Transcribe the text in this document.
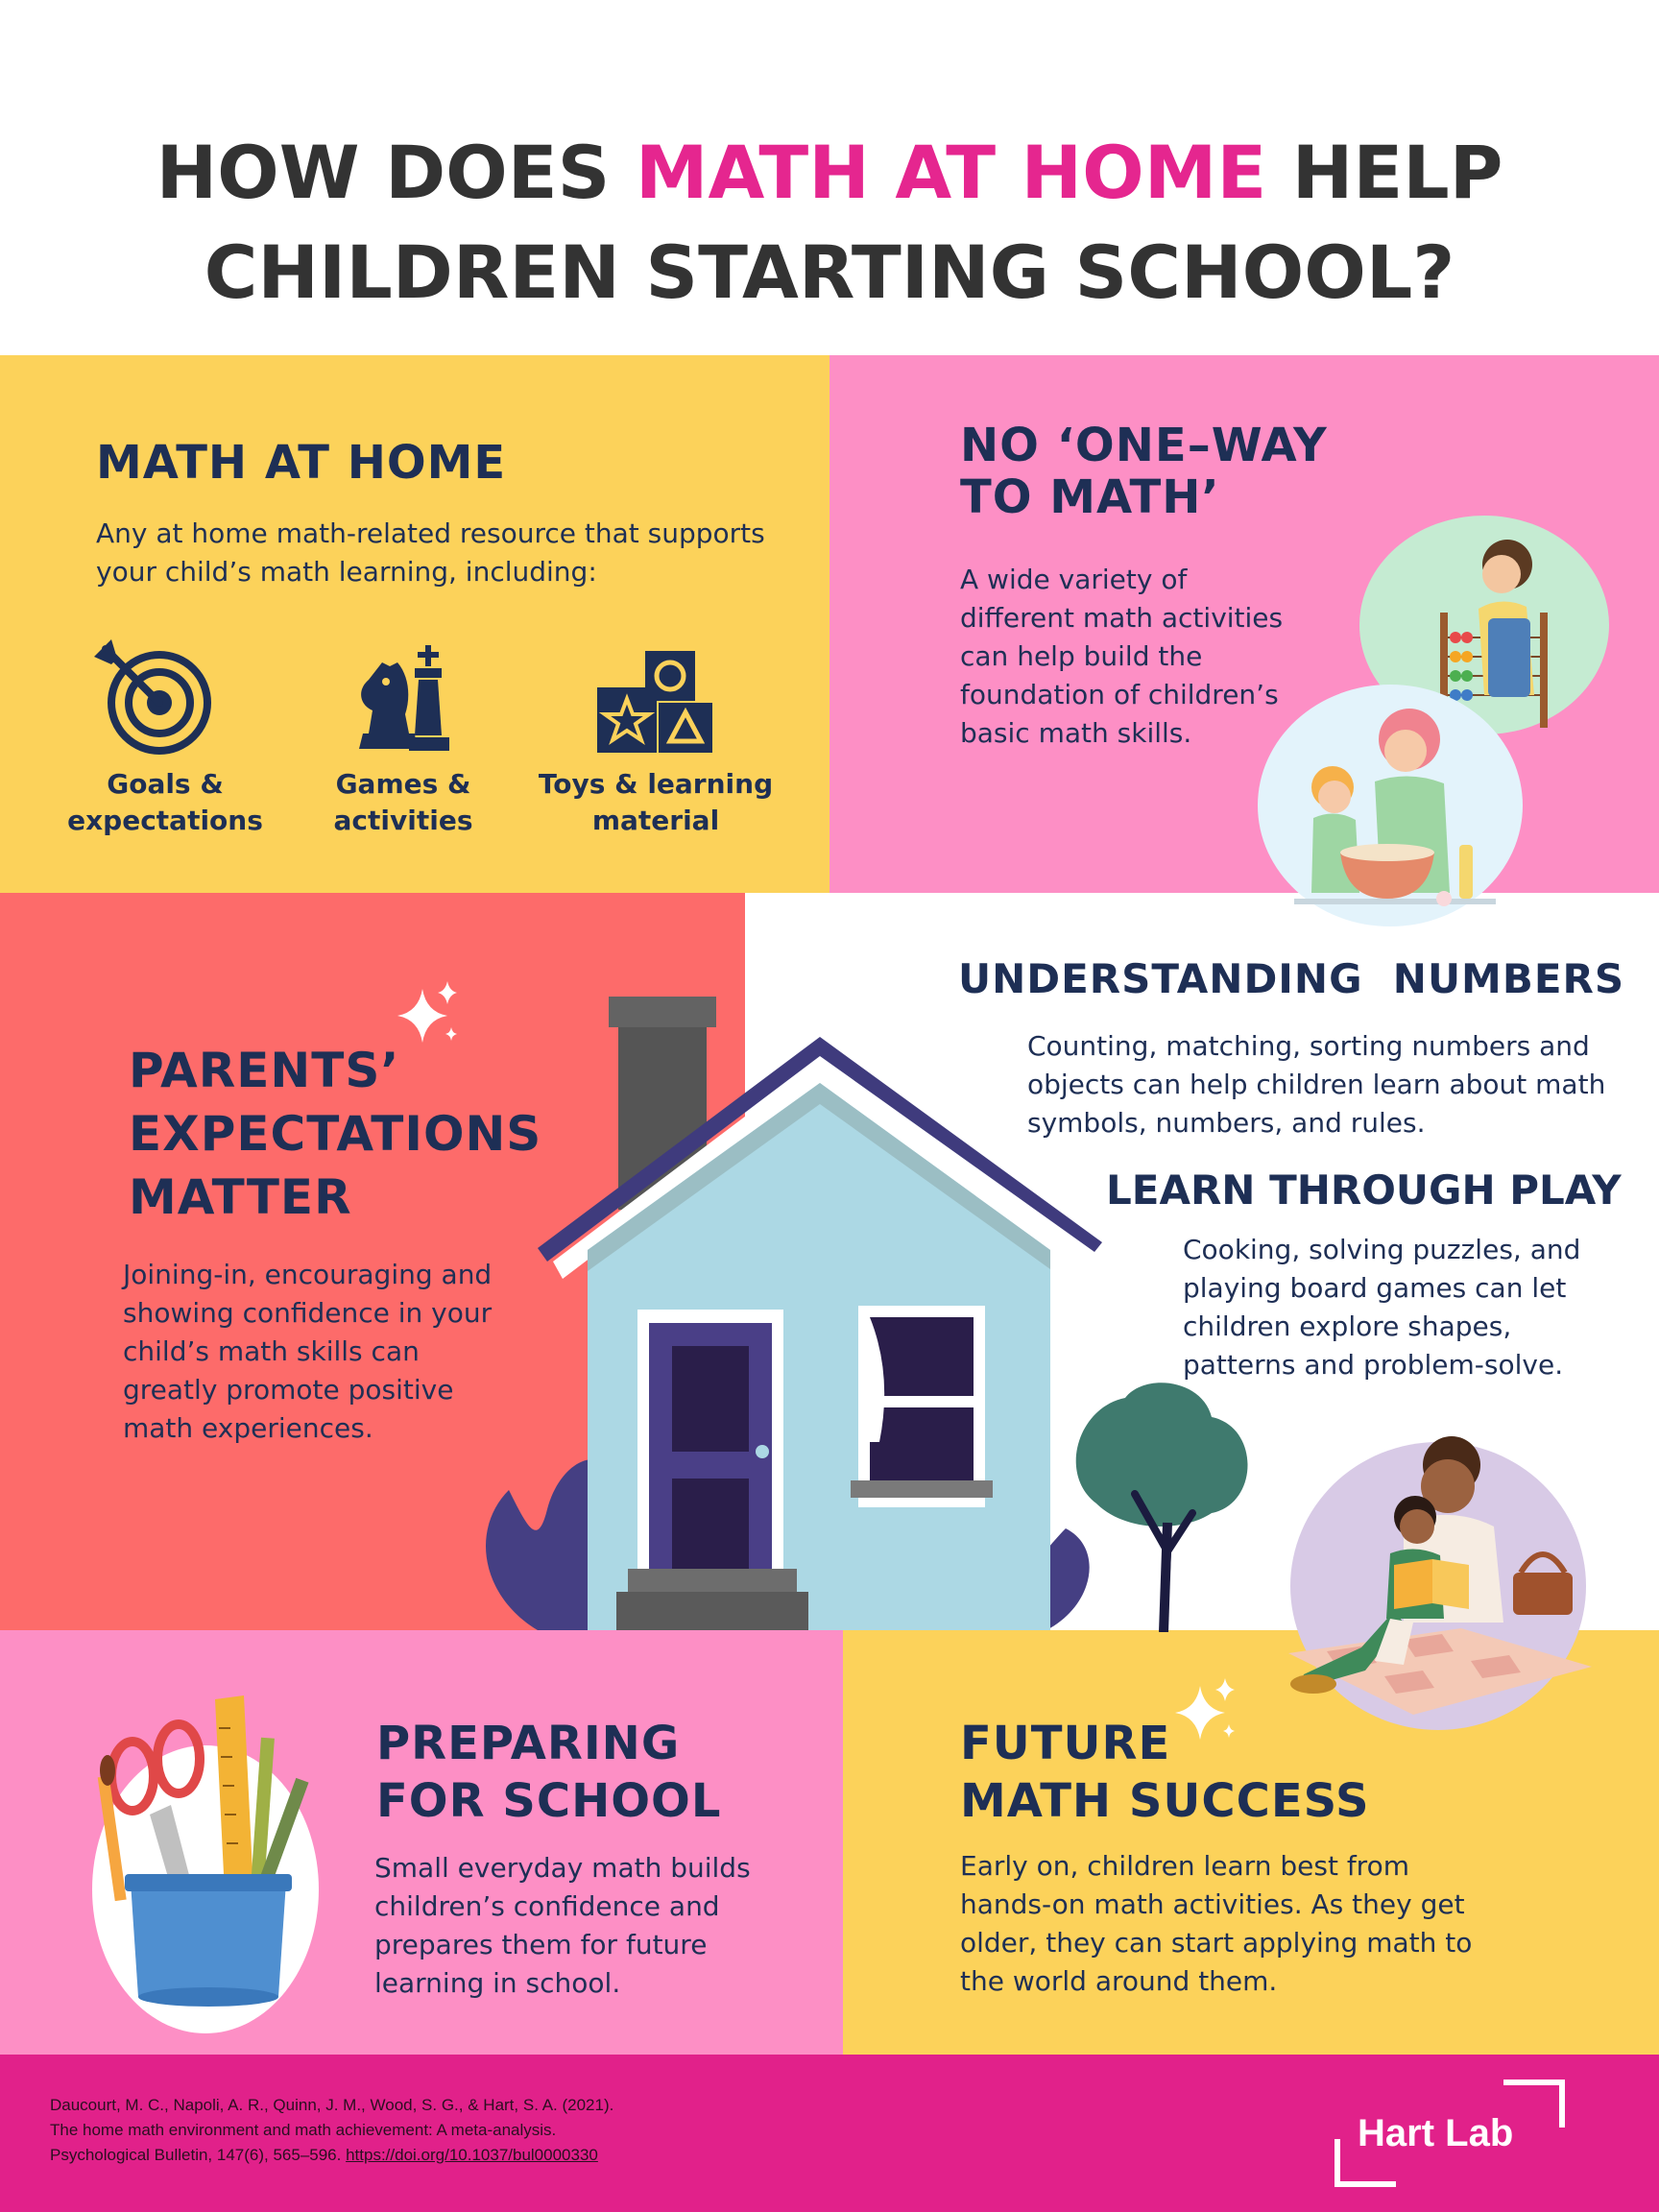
HOW DOES MATH AT HOME HELP
CHILDREN STARTING SCHOOL?
MATH AT HOME
Any at home math-related resource that supports your child’s math learning, including:
Goals &
expectations
Games &
activities
Toys & learning
material
NO ‘ONE–WAY
TO MATH’
A wide variety of different math activities can help build the foundation of children’s basic math skills.
PARENTS’
EXPECTATIONS
MATTER
Joining-in, encouraging and showing confidence in your child’s math skills can greatly promote positive math experiences.
UNDERSTANDING  NUMBERS
Counting, matching, sorting numbers and objects can help children learn about math symbols, numbers, and rules.
LEARN THROUGH PLAY
Cooking, solving puzzles, and playing board games can let children explore shapes, patterns and problem-solve.
PREPARING
FOR SCHOOL
Small everyday math builds children’s confidence and prepares them for future learning in school.
FUTURE
MATH SUCCESS
Early on, children learn best from hands-on math activities. As they get older, they can start applying math to the world around them.
Daucourt, M. C., Napoli, A. R., Quinn, J. M., Wood, S. G., & Hart, S. A. (2021).
The home math environment and math achievement: A meta-analysis.
Psychological Bulletin, 147(6), 565–596. https://doi.org/10.1037/bul0000330
Hart Lab
